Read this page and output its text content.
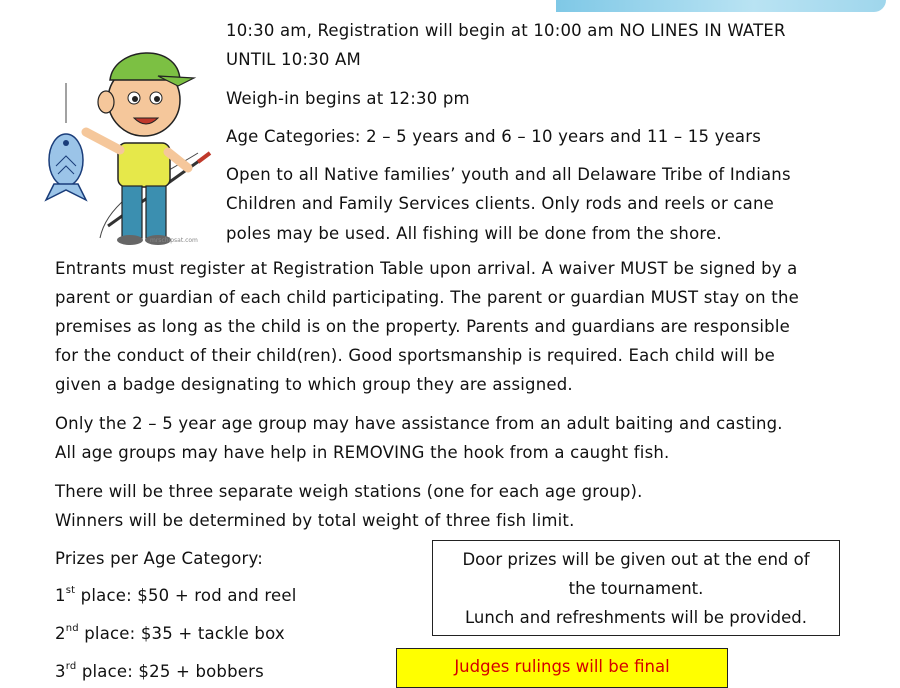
mrschipsat.com
10:30 am, Registration will begin at 10:00 am NO LINES IN WATER
UNTIL 10:30 AM
Weigh-in begins at 12:30 pm
Age Categories: 2 – 5 years and 6 – 10 years and 11 – 15 years
Open to all Native families’ youth and all Delaware Tribe of Indians
Children and Family Services clients. Only rods and reels or cane
poles may be used. All fishing will be done from the shore.
Entrants must register at Registration Table upon arrival. A waiver MUST be signed by a
parent or guardian of each child participating. The parent or guardian MUST stay on the
premises as long as the child is on the property. Parents and guardians are responsible
for the conduct of their child(ren). Good sportsmanship is required. Each child will be
given a badge designating to which group they are assigned.
Only the 2 – 5 year age group may have assistance from an adult baiting and casting.
All age groups may have help in REMOVING the hook from a caught fish.
There will be three separate weigh stations (one for each age group).
Winners will be determined by total weight of three fish limit.
Prizes per Age Category:
1st place: $50 + rod and reel
2nd place: $35 + tackle box
3rd place: $25 + bobbers
Door prizes will be given out at the end of
the tournament.
Lunch and refreshments will be provided.
Judges rulings will be final
